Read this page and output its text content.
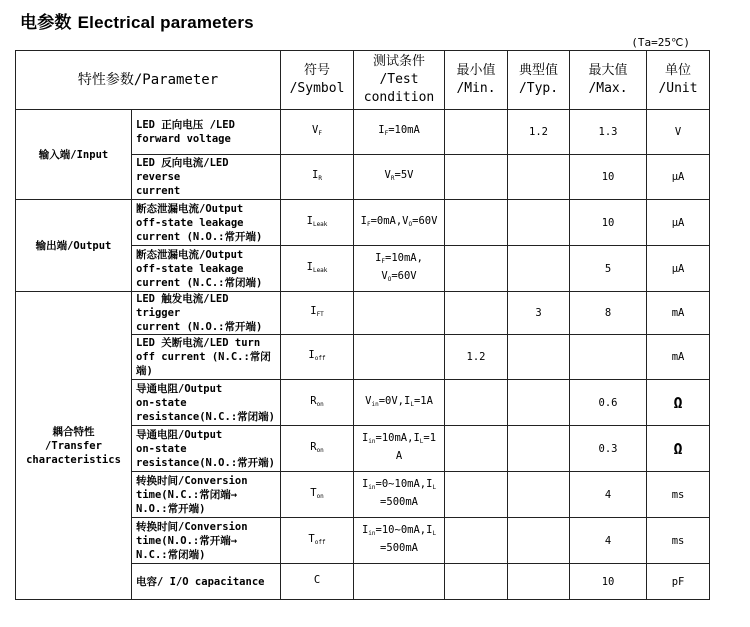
电参数 Electrical parameters
(Ta=25℃)
特性参数/Parameter		符号
/Symbol	测试条件
/Test
condition	最小值
/Min.	典型值
/Typ.	最大值
/Max.	单位
/Unit
输入端/Input	LED 正向电压 /LED
forward voltage	$V_F$	$I_F=10mA$		1.2	1.3	V
	LED 反向电流/LED reverse
current	$I_R$	$V_R=5V$			10	μA
输出端/Output	断态泄漏电流/Output
off-state leakage
current (N.O.:常开端)	$I_{Leak}$	$I_F=0mA,V_O=60V$			10	μA
	断态泄漏电流/Output
off-state leakage
current (N.C.:常闭端)	$I_{Leak}$	$I_F=10mA$,
$V_O=60V$			5	μA
耦合特性
/Transfer
characteristics	LED 触发电流/LED trigger
current (N.O.:常开端)	$I_{FT}$			3	8	mA
	LED 关断电流/LED turn
off current (N.C.:常闭
端)	$I_{off}$		1.2			mA
	导通电阻/Output
on-state
resistance(N.C.:常闭端)	$R_{on}$	$V_{in}=0V,I_L=1A$			0.6	Ω
	导通电阻/Output
on-state
resistance(N.O.:常开端)	$R_{on}$	$I_{in}=10mA,I_L=1$
A			0.3	Ω
	转换时间/Conversion
time(N.C.:常闭端→
N.O.:常开端)	$T_{on}$	$I_{in}=0\sim 10mA,I_L$
=500mA			4	ms
	转换时间/Conversion
time(N.O.:常开端→
N.C.:常闭端)	$T_{off}$	$I_{in}=10\sim 0mA,I_L$
=500mA			4	ms
	电容/ I/O capacitance	C				10	pF
